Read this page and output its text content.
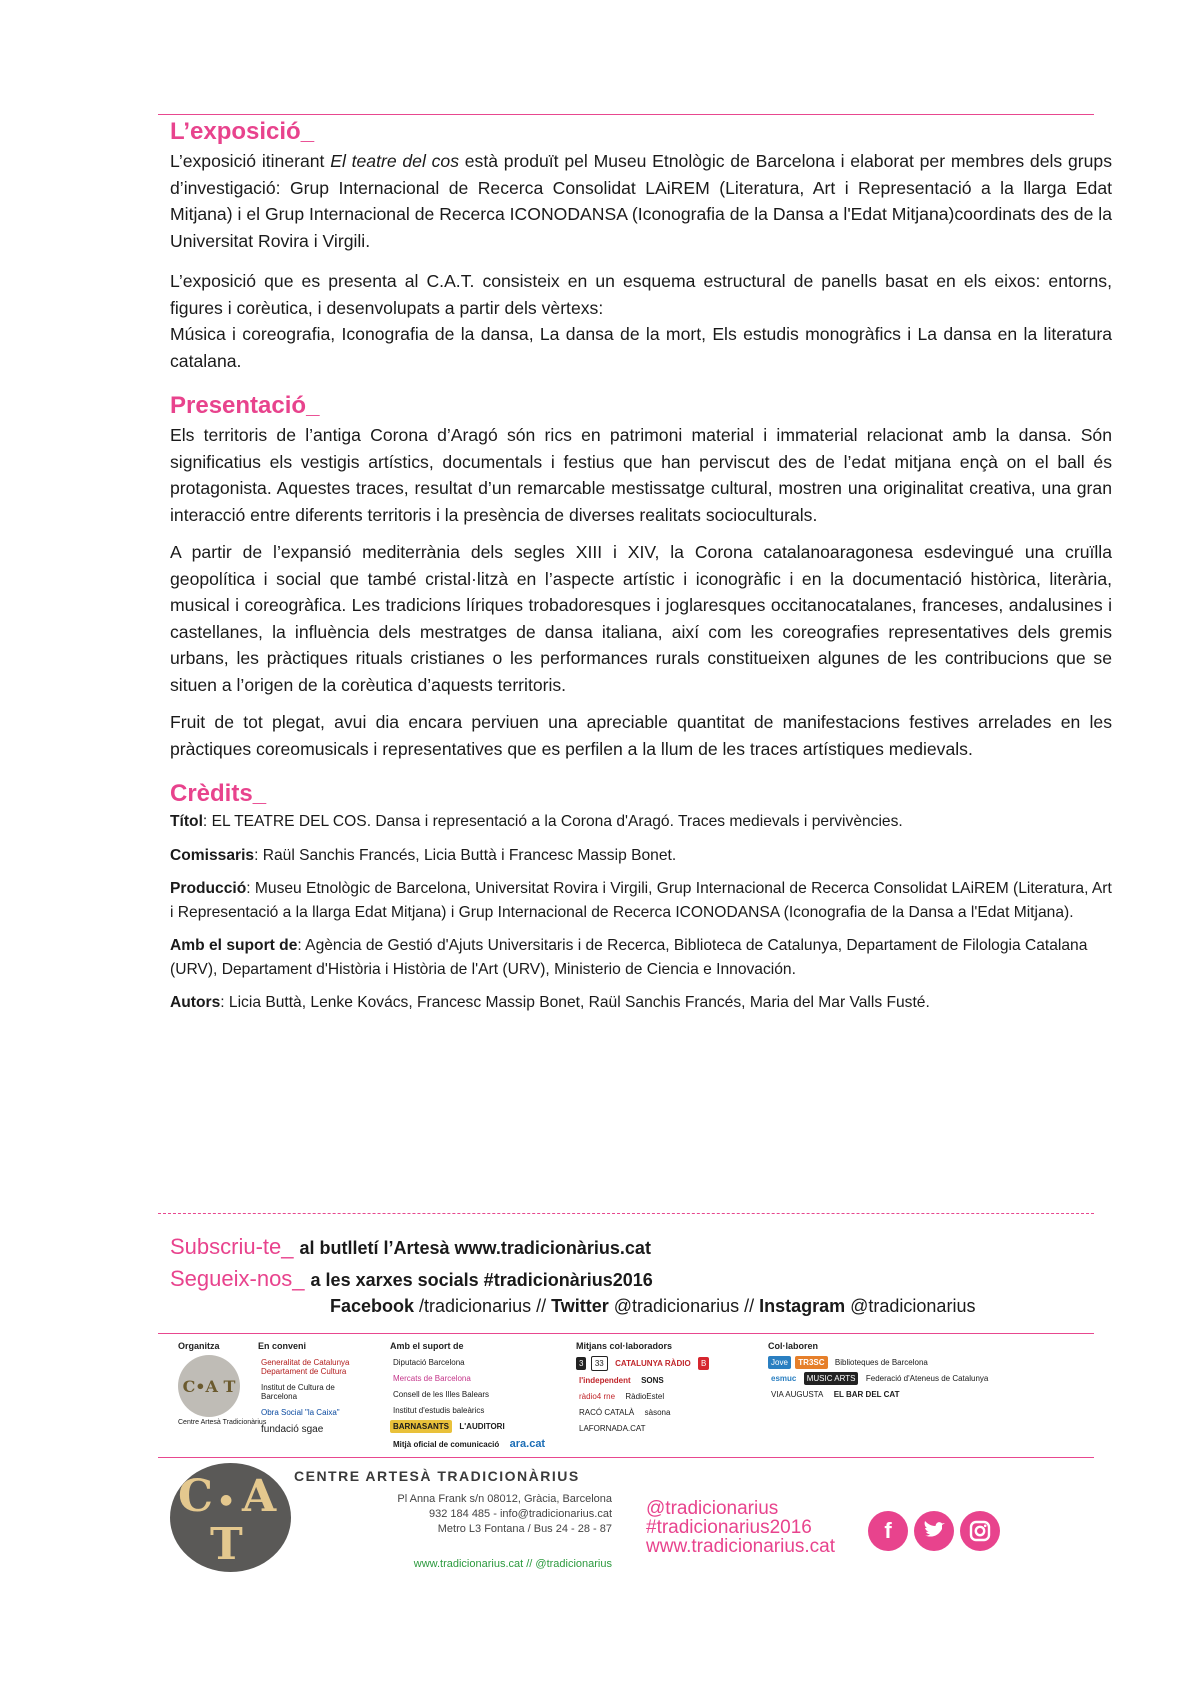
L’exposició_

L’exposició itinerant El teatre del cos està produït pel Museu Etnològic de Barcelona i elaborat per membres dels grups d’investigació: Grup Internacional de Recerca Consolidat LAiREM (Literatura, Art i Representació a la llarga Edat Mitjana) i el Grup Internacional de Recerca ICONODANSA (Iconografia de la Dansa a l'Edat Mitjana)coordinats des de la Universitat Rovira i Virgili.

L’exposició que es presenta al C.A.T. consisteix en un esquema estructural de panells basat en els eixos: entorns, figures i corèutica, i desenvolupats a partir dels vèrtexs:

Música i coreografia, Iconografia de la dansa, La dansa de la mort, Els estudis monogràfics i La dansa en la literatura catalana.

Presentació_

Els territoris de l’antiga Corona d’Aragó són rics en patrimoni material i immaterial relacionat amb la dansa. Són significatius els vestigis artístics, documentals i festius que han perviscut des de l’edat mitjana ençà on el ball és protagonista. Aquestes traces, resultat d’un remarcable mestissatge cultural, mostren una originalitat creativa, una gran interacció entre diferents territoris i la presència de diverses realitats socioculturals.

A partir de l’expansió mediterrània dels segles XIII i XIV, la Corona catalanoaragonesa esdevingué una cruïlla geopolítica i social que també cristal·litzà en l’aspecte artístic i iconogràfic i en la documentació històrica, literària, musical i coreogràfica. Les tradicions líriques trobadoresques i joglaresques occitanocatalanes, franceses, andalusines i castellanes, la influència dels mestratges de dansa italiana, així com les coreografies representatives dels gremis urbans, les pràctiques rituals cristianes o les performances rurals constitueixen algunes de les contribucions que se situen a l’origen de la corèutica d’aquests territoris.

Fruit de tot plegat, avui dia encara perviuen una apreciable quantitat de manifestacions festives arrelades en les pràctiques coreomusicals i representatives que es perfilen a la llum de les traces artístiques medievals.

Crèdits_

Títol: EL TEATRE DEL COS. Dansa i representació a la Corona d'Aragó. Traces medievals i pervivències.

Comissaris: Raül Sanchis Francés, Licia Buttà i Francesc Massip Bonet.

Producció: Museu Etnològic de Barcelona, Universitat Rovira i Virgili, Grup Internacional de Recerca Consolidat LAiREM (Literatura, Art i Representació a la llarga Edat Mitjana) i Grup Internacional de Recerca ICONODANSA (Iconografia de la Dansa a l'Edat Mitjana).

Amb el suport de: Agència de Gestió d'Ajuts Universitaris i de Recerca, Biblioteca de Catalunya, Departament de Filologia Catalana (URV), Departament d'Història i Història de l'Art (URV), Ministerio de Ciencia e Innovación.

Autors: Licia Buttà, Lenke Kovács, Francesc Massip Bonet, Raül Sanchis Francés, Maria del Mar Valls Fusté.

Subscriu-te_ al butlletí l’Artesà www.tradicionàrius.cat
Segueix-nos_ a les xarxes socials #tradicionàrius2016
Facebook /tradicionarius // Twitter @tradicionarius // Instagram @tradicionarius
Organitza
C•A T
Centre Artesà Tradicionàrius
En conveni
Generalitat de Catalunya Departament de Cultura
Institut de Cultura de Barcelona
Obra Social "la Caixa"
fundació sgae
Amb el suport de
Diputació Barcelona Mercats de Barcelona
Consell de les Illes Balears Institut d'estudis baleàrics
BARNASANTS L'AUDITORI
Mitjà oficial de comunicació ara.cat
Mitjans col·laboradors
3 33 CATALUNYA RÀDIO B
l'independent SONS
ràdio4 rne RàdioEstel
RACÓ CATALÀ sàsona LAFORNADA.CAT
Col·laboren
Jove TR3SC Biblioteques de Barcelona
esmuc MUSIC ARTS Federació d'Ateneus de Catalunya
VIA AUGUSTA EL BAR DEL CAT
C ● A
T
CENTRE ARTESÀ TRADICIONÀRIUS
Pl Anna Frank s/n 08012, Gràcia, Barcelona
932 184 485 - info@tradicionarius.cat
Metro L3 Fontana / Bus 24 - 28 - 87
www.tradicionarius.cat // @tradicionarius
@tradicionarius
#tradicionarius2016
www.tradicionarius.cat
f
